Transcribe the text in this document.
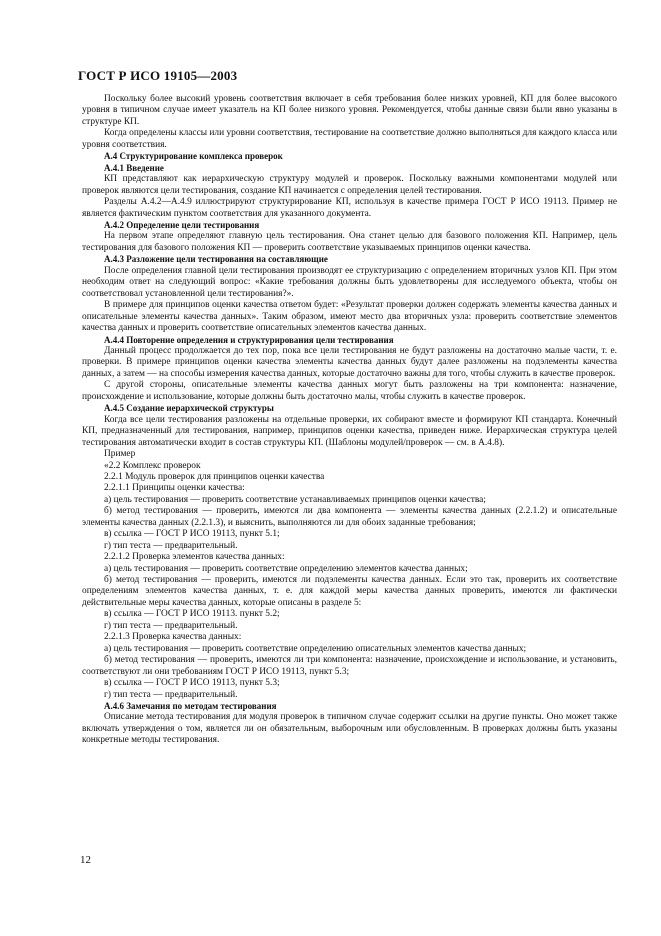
ГОСТ Р ИСО 19105—2003

Поскольку более высокий уровень соответствия включает в себя требования более низких уровней, КП для более высокого уровня в типичном случае имеет указатель на КП более низкого уровня. Рекомендуется, чтобы данные связи были явно указаны в структуре КП.

Когда определены классы или уровни соответствия, тестирование на соответствие должно выполняться для каждого класса или уровня соответствия.

А.4 Структурирование комплекса проверок

А.4.1 Введение

КП представляют как иерархическую структуру модулей и проверок. Поскольку важными компонентами модулей или проверок являются цели тестирования, создание КП начинается с определения целей тестирования.

Разделы А.4.2—А.4.9 иллюстрируют структурирование КП, используя в качестве примера ГОСТ Р ИСО 19113. Пример не является фактическим пунктом соответствия для указанного документа.

А.4.2 Определение цели тестирования

На первом этапе определяют главную цель тестирования. Она станет целью для базового положения КП. Например, цель тестирования для базового положения КП — проверить соответствие указываемых принципов оценки качества.

А.4.3 Разложение цели тестирования на составляющие

После определения главной цели тестирования производят ее структуризацию с определением вторичных узлов КП. При этом необходим ответ на следующий вопрос: «Какие требования должны быть удовлетворены для исследуемого объекта, чтобы он соответствовал установленной цели тестирования?».

В примере для принципов оценки качества ответом будет: «Результат проверки должен содержать элементы качества данных и описательные элементы качества данных». Таким образом, имеют место два вторичных узла: проверить соответствие элементов качества данных и проверить соответствие описательных элементов качества данных.

А.4.4 Повторение определения и структурирования цели тестирования

Данный процесс продолжается до тех пор, пока все цели тестирования не будут разложены на достаточно малые части, т. е. проверки. В примере принципов оценки качества элементы качества данных будут далее разложены на подэлементы качества данных, а затем — на способы измерения качества данных, которые достаточно важны для того, чтобы служить в качестве проверок.

С другой стороны, описательные элементы качества данных могут быть разложены на три компонента: назначение, происхождение и использование, которые должны быть достаточно малы, чтобы служить в качестве проверок.

А.4.5 Создание иерархической структуры

Когда все цели тестирования разложены на отдельные проверки, их собирают вместе и формируют КП стандарта. Конечный КП, предназначенный для тестирования, например, принципов оценки качества, приведен ниже. Иерархическая структура целей тестирования автоматически входит в состав структуры КП. (Шаблоны модулей/проверок — см. в А.4.8).

Пример

«2.2 Комплекс проверок

2.2.1 Модуль проверок для принципов оценки качества

2.2.1.1 Принципы оценки качества:

а) цель тестирования — проверить соответствие устанавливаемых принципов оценки качества;

б) метод тестирования — проверить, имеются ли два компонента — элементы качества данных (2.2.1.2) и описательные элементы качества данных (2.2.1.3), и выяснить, выполняются ли для обоих заданные требования;

в) ссылка — ГОСТ Р ИСО 19113, пункт 5.1;

г) тип теста — предварительный.

2.2.1.2 Проверка элементов качества данных:

а) цель тестирования — проверить соответствие определению элементов качества данных;

б) метод тестирования — проверить, имеются ли подэлементы качества данных. Если это так, проверить их соответствие определениям элементов качества данных, т. е. для каждой меры качества данных проверить, имеются ли фактически действительные меры качества данных, которые описаны в разделе 5:

в) ссылка — ГОСТ Р ИСО 19113. пункт 5.2;

г) тип теста — предварительный.

2.2.1.3 Проверка качества данных:

а) цель тестирования — проверить соответствие определению описательных элементов качества данных;

б) метод тестирования — проверить, имеются ли три компонента: назначение, происхождение и использование, и установить, соответствуют ли они требованиям ГОСТ Р ИСО 19113, пункт 5.3;

в) ссылка — ГОСТ Р ИСО 19113, пункт 5.3;

г) тип теста — предварительный.

А.4.6 Замечания по методам тестирования

Описание метода тестирования для модуля проверок в типичном случае содержит ссылки на другие пункты. Оно может также включать утверждения о том, является ли он обязательным, выборочным или обусловленным. В проверках должны быть указаны конкретные методы тестирования.

12
